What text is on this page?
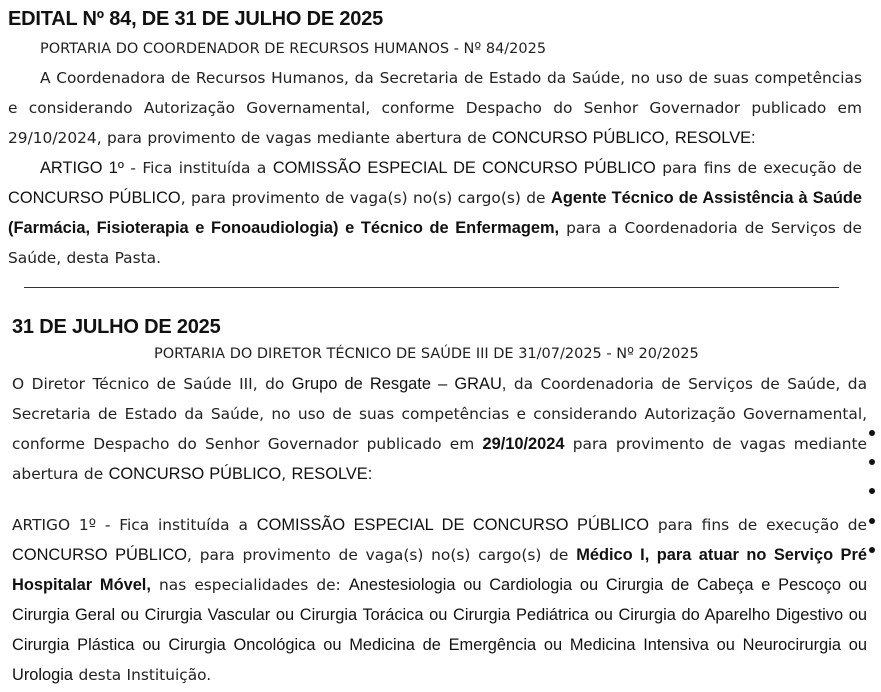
EDITAL Nº 84, DE 31 DE JULHO DE 2025
PORTARIA DO COORDENADOR DE RECURSOS HUMANOS - Nº 84/2025
A Coordenadora de Recursos Humanos, da Secretaria de Estado da Saúde, no uso de suas competências e considerando Autorização Governamental, conforme Despacho do Senhor Governador publicado em 29/10/2024, para provimento de vagas mediante abertura de CONCURSO PÚBLICO, RESOLVE:
ARTIGO 1º - Fica instituída a COMISSÃO ESPECIAL DE CONCURSO PÚBLICO para fins de execução de CONCURSO PÚBLICO, para provimento de vaga(s) no(s) cargo(s) de Agente Técnico de Assistência à Saúde (Farmácia, Fisioterapia e Fonoaudiologia) e Técnico de Enfermagem, para a Coordenadoria de Serviços de Saúde, desta Pasta.
31 DE JULHO DE 2025
PORTARIA DO DIRETOR TÉCNICO DE SAÚDE III DE 31/07/2025 - Nº 20/2025
O Diretor Técnico de Saúde III, do Grupo de Resgate – GRAU, da Coordenadoria de Serviços de Saúde, da Secretaria de Estado da Saúde, no uso de suas competências e considerando Autorização Governamental, conforme Despacho do Senhor Governador publicado em 29/10/2024 para provimento de vagas mediante abertura de CONCURSO PÚBLICO, RESOLVE:
ARTIGO 1º - Fica instituída a COMISSÃO ESPECIAL DE CONCURSO PÚBLICO para fins de execução de CONCURSO PÚBLICO, para provimento de vaga(s) no(s) cargo(s) de Médico I, para atuar no Serviço Pré Hospitalar Móvel, nas especialidades de: Anestesiologia ou Cardiologia ou Cirurgia de Cabeça e Pescoço ou Cirurgia Geral ou Cirurgia Vascular ou Cirurgia Torácica ou Cirurgia Pediátrica ou Cirurgia do Aparelho Digestivo ou Cirurgia Plástica ou Cirurgia Oncológica ou Medicina de Emergência ou Medicina Intensiva ou Neurocirurgia ou Urologia desta Instituição.
